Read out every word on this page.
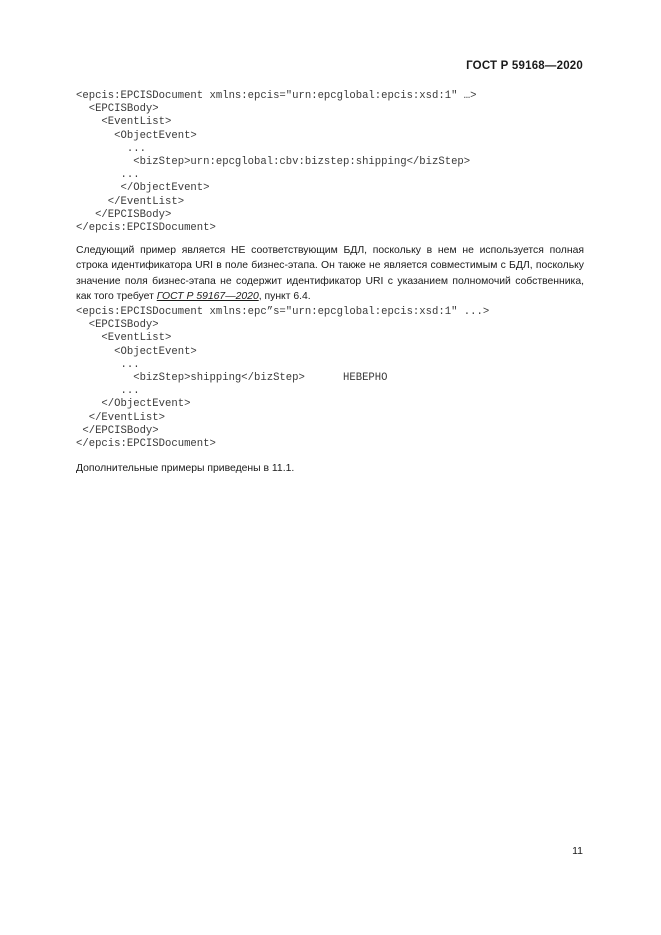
ГОСТ Р 59168—2020
<epcis:EPCISDocument xmlns:epcis="urn:epcglobal:epcis:xsd:1" …>
<EPCISBody>
<EventList>
<ObjectEvent>
...
<bizStep>urn:epcglobal:cbv:bizstep:shipping</bizStep>
...
</ObjectEvent>
</EventList>
</EPCISBody>
</epcis:EPCISDocument>

Следующий пример является НЕ соответствующим БДЛ, поскольку в нем не используется полная строка идентификатора URI в поле бизнес-этапа. Он также не является совместимым с БДЛ, поскольку значение поля бизнес-этапа не содержит идентификатор URI с указанием полномочий собственника, как того требует ГОСТ Р 59167—2020, пункт 6.4.

<epcis:EPCISDocument xmlns:epc”s="urn:epcglobal:epcis:xsd:1" ...>
<EPCISBody>
<EventList>
<ObjectEvent>
...
<bizStep>shipping</bizStep>      НЕВЕРНО
...
</ObjectEvent>
</EventList>
</EPCISBody>
</epcis:EPCISDocument>

Дополнительные примеры приведены в 11.1.

11
